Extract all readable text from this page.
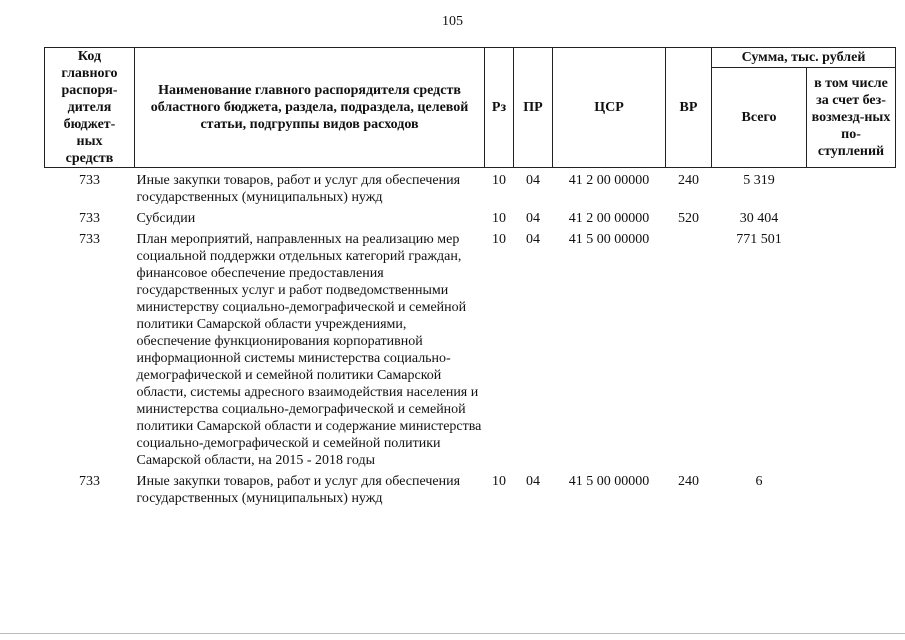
105
Код главного распоря-дителя бюджет-ных средств	Наименование главного распорядителя средств областного бюджета, раздела, подраздела, целевой статьи, подгруппы видов расходов	Рз	ПР	ЦСР	ВР	Сумма, тыс. рублей	
						Всего	в том числе за счет без-возмезд-ных по-ступлений

733	Иные закупки товаров, работ и услуг для обеспечения государственных (муниципальных) нужд	10	04	41 2 00 00000	240	5 319	

733	Субсидии	10	04	41 2 00 00000	520	30 404	

733	План мероприятий, направленных на реализацию мер социальной поддержки отдельных категорий граждан, финансовое обеспечение предоставления государственных услуг и работ подведомственными министерству социально-демографической и семейной политики Самарской области учреждениями, обеспечение функционирования корпоративной информационной системы министерства социально-демографической и семейной политики Самарской области, системы адресного взаимодействия населения и министерства социально-демографической и семейной политики Самарской области и содержание министерства социально-демографической и семейной политики Самарской области, на 2015 - 2018 годы	10	04	41 5 00 00000		771 501	

733	Иные закупки товаров, работ и услуг для обеспечения государственных (муниципальных) нужд	10	04	41 5 00 00000	240	6	
